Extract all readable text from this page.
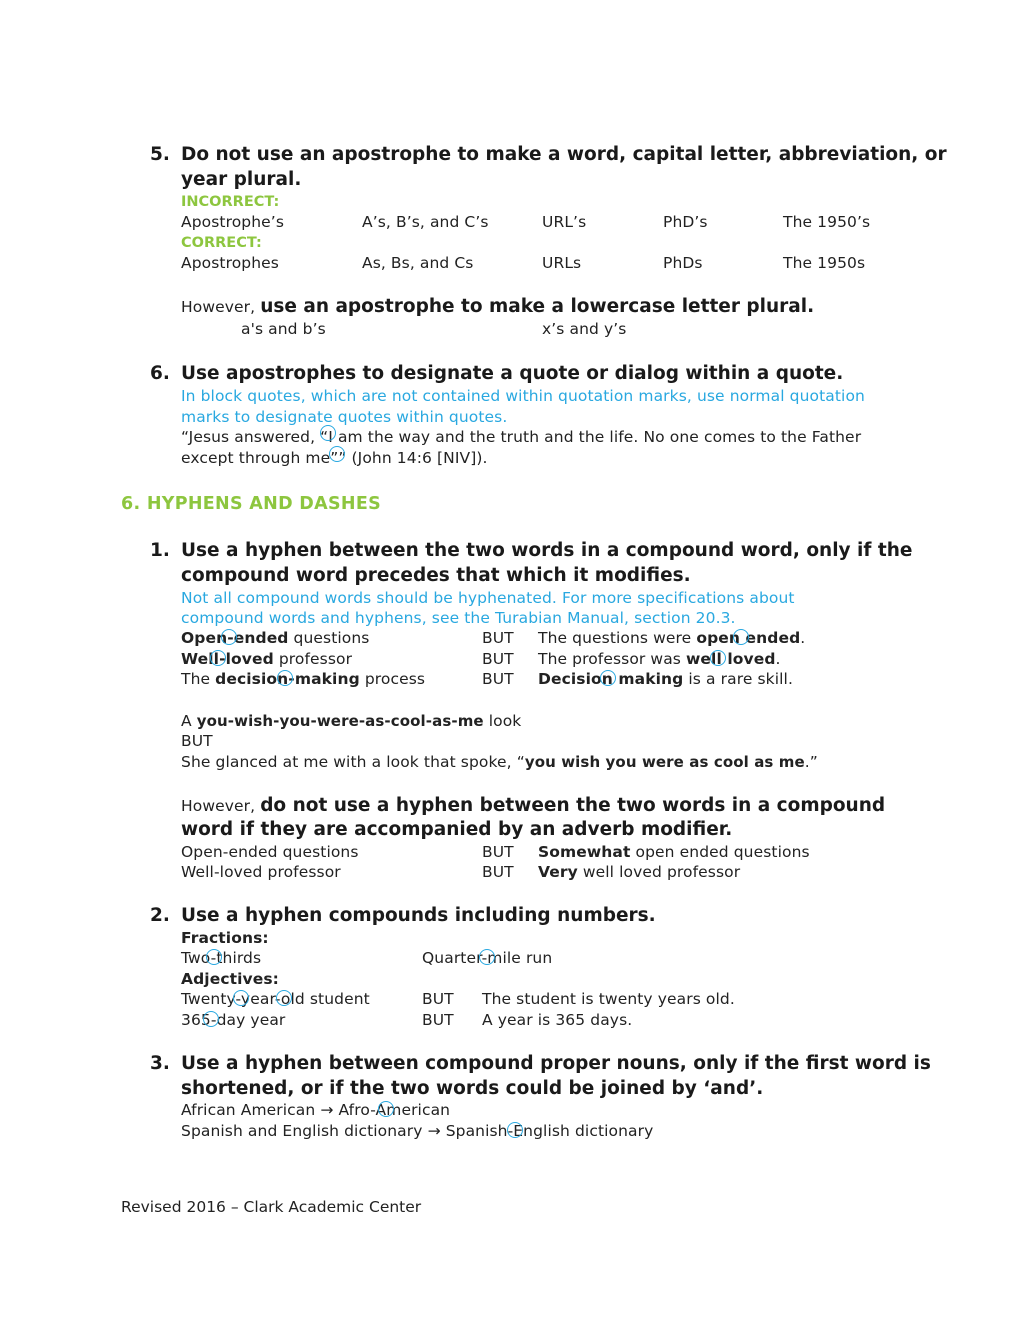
5. Do not use an apostrophe to make a word, capital letter, abbreviation, or
year plural.
INCORRECT:
Apostrophe’s	A’s, B’s, and C’s	URL’s	PhD’s	The 1950’s
CORRECT:
Apostrophes	As, Bs, and Cs	URLs	PhDs	The 1950s
However, use an apostrophe to make a lowercase letter plural.
a's and b’s	x’s and y’s
6. Use apostrophes to designate a quote or dialog within a quote.
In block quotes, which are not contained within quotation marks, use normal quotation
marks to designate quotes within quotes.
“Jesus answered, “I am the way and the truth and the life. No one comes to the Father
except through me”” (John 14:6 [NIV]).
6. HYPHENS AND DASHES
1. Use a hyphen between the two words in a compound word, only if the
compound word precedes that which it modifies.
Not all compound words should be hyphenated. For more specifications about
compound words and hyphens, see the Turabian Manual, section 20.3.
Open-ended questions	BUT The questions were open ended.
Well-loved professor	BUT The professor was well loved.
The decision-making process	BUT Decision making is a rare skill.
A you-wish-you-were-as-cool-as-me look
BUT
She glanced at me with a look that spoke, “you wish you were as cool as me.”
However, do not use a hyphen between the two words in a compound
word if they are accompanied by an adverb modifier.
Open-ended questions	BUT Somewhat open ended questions
Well-loved professor	BUT Very well loved professor
2. Use a hyphen compounds including numbers.
Fractions:
Two-thirds	Quarter-mile run
Adjectives:
Twenty-year-old student	BUT The student is twenty years old.
365-day year	BUT A year is 365 days.
3. Use a hyphen between compound proper nouns, only if the first word is
shortened, or if the two words could be joined by ‘and’.
African American → Afro-American
Spanish and English dictionary → Spanish-English dictionary
Revised 2016 – Clark Academic Center
